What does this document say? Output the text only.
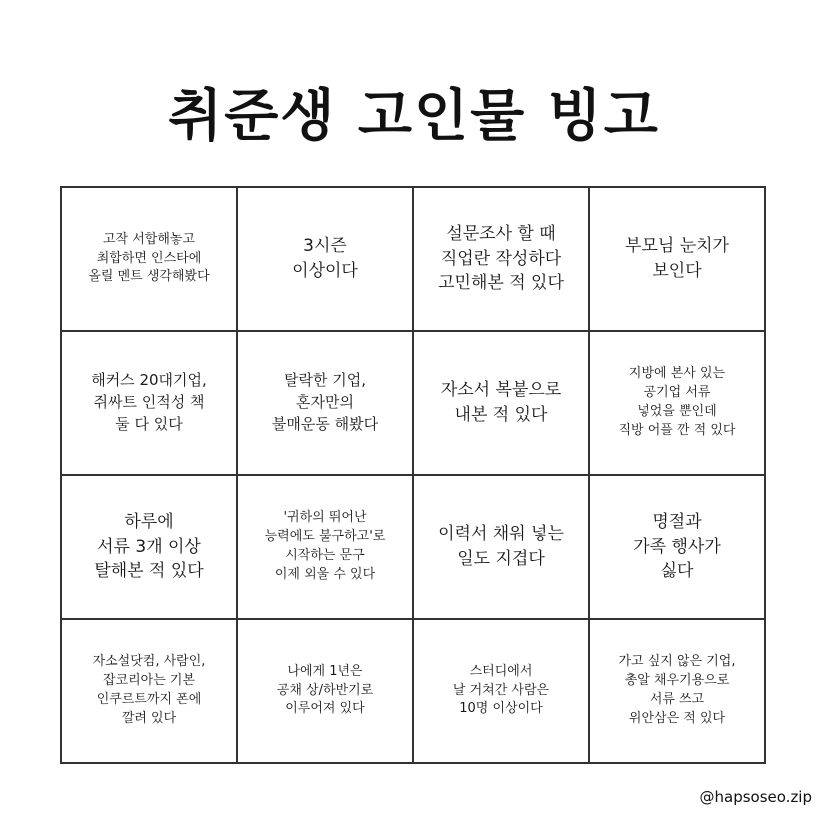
취준생 고인물 빙고
고작 서합해놓고
최합하면 인스타에
올릴 멘트 생각해봤다
3시즌
이상이다
설문조사 할 때
직업란 작성하다
고민해본 적 있다
부모님 눈치가
보인다
해커스 20대기업,
쥐싸트 인적성 책
둘 다 있다
탈락한 기업,
혼자만의
불매운동 해봤다
자소서 복붙으로
내본 적 있다
지방에 본사 있는
공기업 서류
넣었을 뿐인데
직방 어플 깐 적 있다
하루에
서류 3개 이상
탈해본 적 있다
'귀하의 뛰어난
능력에도 불구하고'로
시작하는 문구
이제 외울 수 있다
이력서 채워 넣는
일도 지겹다
명절과
가족 행사가
싫다
자소설닷컴, 사람인,
잡코리아는 기본
인쿠르트까지 폰에
깔려 있다
나에게 1년은
공채 상/하반기로
이루어져 있다
스터디에서
날 거쳐간 사람은
10명 이상이다
가고 싶지 않은 기업,
총알 채우기용으로
서류 쓰고
위안삼은 적 있다
@hapsoseo.zip
